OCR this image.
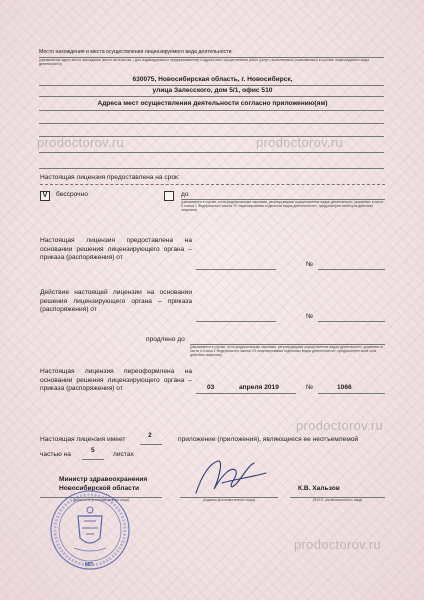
Место нахождения и места осуществления лицензируемого вида деятельности
(указываются адрес места нахождения (место жительства – для индивидуального предпринимателя) и адреса мест осуществления работ (услуг), выполняемых (оказываемых) в составе лицензируемого вида деятельности)
630075, Новосибирская область, г. Новосибирск,
улица Залесского, дом 5/1, офис 510
Адреса мест осуществления деятельности согласно приложению(ям)
prodoctorov.ru	prodoctorov.ru
prodoctorov.ru
prodoctorov.ru
Настоящая лицензия предоставлена на срок:
V	бессрочно	до
(указывается в случае, если федеральными законами, регулирующими осуществление видов деятельности, указанных в части 4 статьи 1 Федерального закона «О лицензировании отдельных видов деятельности», предусмотрен иной срок действия лицензии)
Настоящая лицензия предоставлена на основании решения лицензирующего органа – приказа (распоряжения) от
№
Действие настоящей лицензии на основании решения лицензирующего органа – приказа (распоряжения) от
№
продлено до
(указывается в случае, если федеральными законами, регулирующими осуществление видов деятельности, указанных в части 4 статьи 1 Федерального закона «О лицензировании отдельных видов деятельности», предусмотрен иной срок действия лицензии)
Настоящая лицензия переоформлена на основании решения лицензирующего органа – приказа (распоряжения) от	03	апреля 2019	№	1066
Настоящая лицензия имеет
2
приложение (приложения), являющееся ее неотъемлемой
частью на
5
листах
Министр здравоохранения
Новосибирской области
(должность уполномоченного лица)	(подпись уполномоченного лица)
К.В. Хальзов
(Ф.И.О. уполномоченного лица)
МП
